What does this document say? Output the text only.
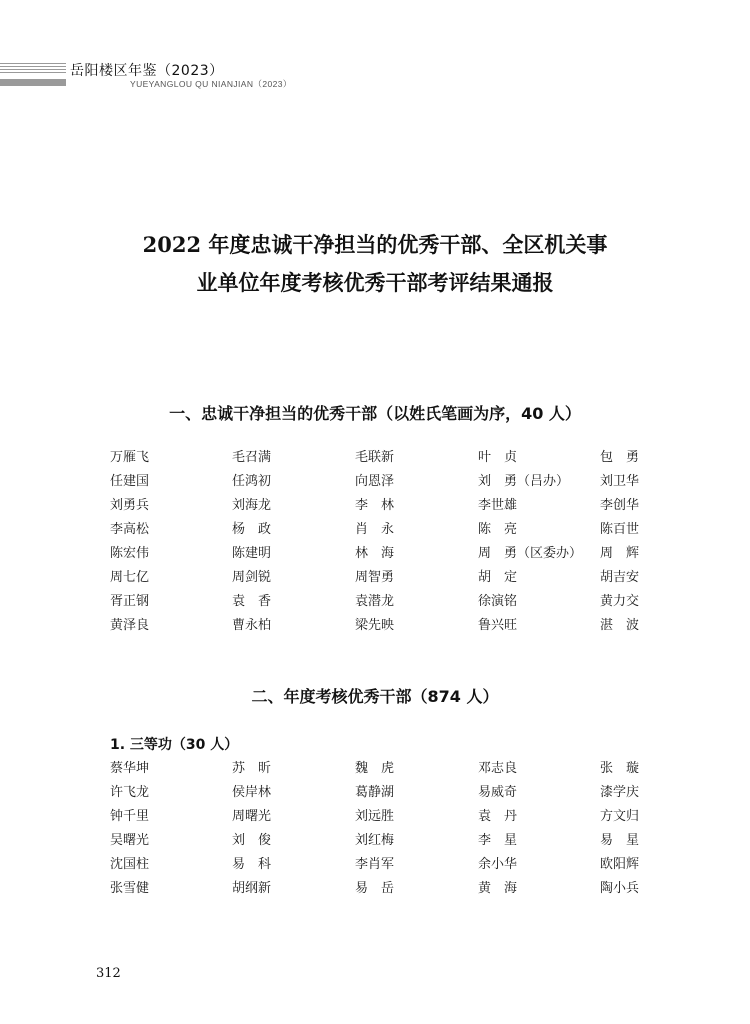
岳阳楼区年鉴（2023）
YUEYANGLOU QU NIANJIAN（2023）
2022 年度忠诚干净担当的优秀干部、全区机关事
业单位年度考核优秀干部考评结果通报
一、忠诚干净担当的优秀干部（以姓氏笔画为序，40 人）
万雁飞	毛召满	毛联新	叶　贞	包　勇
任建国	任鸿初	向恩泽	刘　勇（吕办） 刘卫华
刘勇兵	刘海龙	李　林	李世雄	李创华
李高松	杨　政	肖　永	陈　亮	陈百世
陈宏伟	陈建明	林　海	周　勇（区委办） 周　辉
周七亿	周剑锐	周智勇	胡　定	胡吉安
胥正钢	袁　香	袁潜龙	徐演铭	黄力交
黄泽良	曹永柏	梁先映	鲁兴旺	湛　波
二、年度考核优秀干部（874 人）
1. 三等功（30 人）
蔡华坤	苏　昕	魏　虎	邓志良	张　璇
许飞龙	侯岸林	葛静湖	易威奇	漆学庆
钟千里	周曙光	刘远胜	袁　丹	方文归
吴曙光	刘　俊	刘红梅	李　星	易　星
沈国柱	易　科	李肖军	余小华	欧阳辉
张雪健	胡纲新	易　岳	黄　海	陶小兵
312
